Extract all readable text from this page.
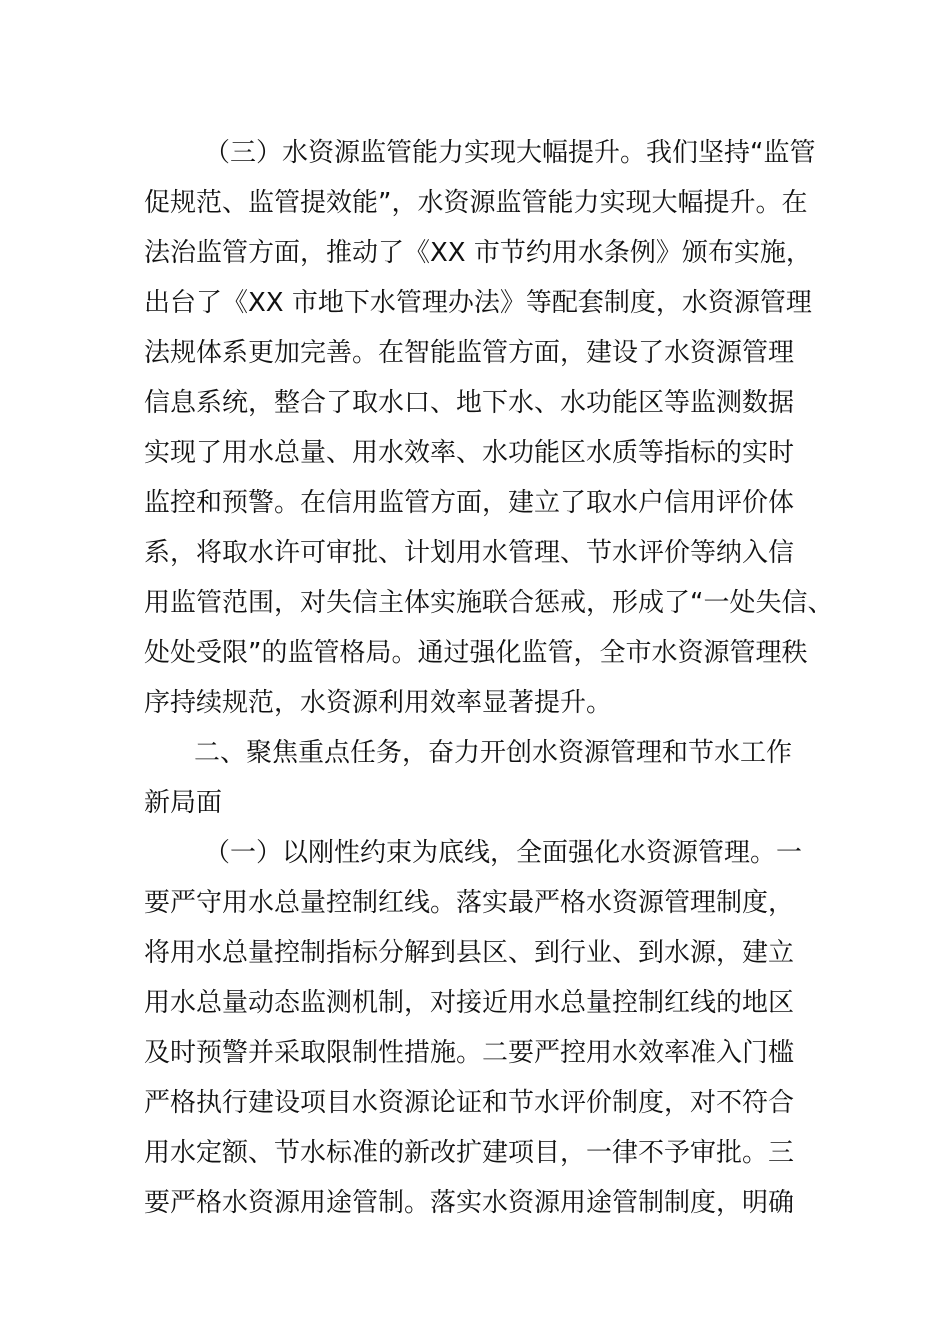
（三）水资源监管能力实现大幅提升。我们坚持“监管
促规范、监管提效能”，水资源监管能力实现大幅提升。在
法治监管方面，推动了《XX 市节约用水条例》颁布实施，
出台了《XX 市地下水管理办法》等配套制度，水资源管理
法规体系更加完善。在智能监管方面，建设了水资源管理
信息系统，整合了取水口、地下水、水功能区等监测数据
实现了用水总量、用水效率、水功能区水质等指标的实时
监控和预警。在信用监管方面，建立了取水户信用评价体
系，将取水许可审批、计划用水管理、节水评价等纳入信
用监管范围，对失信主体实施联合惩戒，形成了“一处失信、
处处受限”的监管格局。通过强化监管，全市水资源管理秩
序持续规范，水资源利用效率显著提升。
二、聚焦重点任务，奋力开创水资源管理和节水工作
新局面
（一）以刚性约束为底线，全面强化水资源管理。一
要严守用水总量控制红线。落实最严格水资源管理制度，
将用水总量控制指标分解到县区、到行业、到水源，建立
用水总量动态监测机制，对接近用水总量控制红线的地区
及时预警并采取限制性措施。二要严控用水效率准入门槛
严格执行建设项目水资源论证和节水评价制度，对不符合
用水定额、节水标准的新改扩建项目，一律不予审批。三
要严格水资源用途管制。落实水资源用途管制制度，明确
